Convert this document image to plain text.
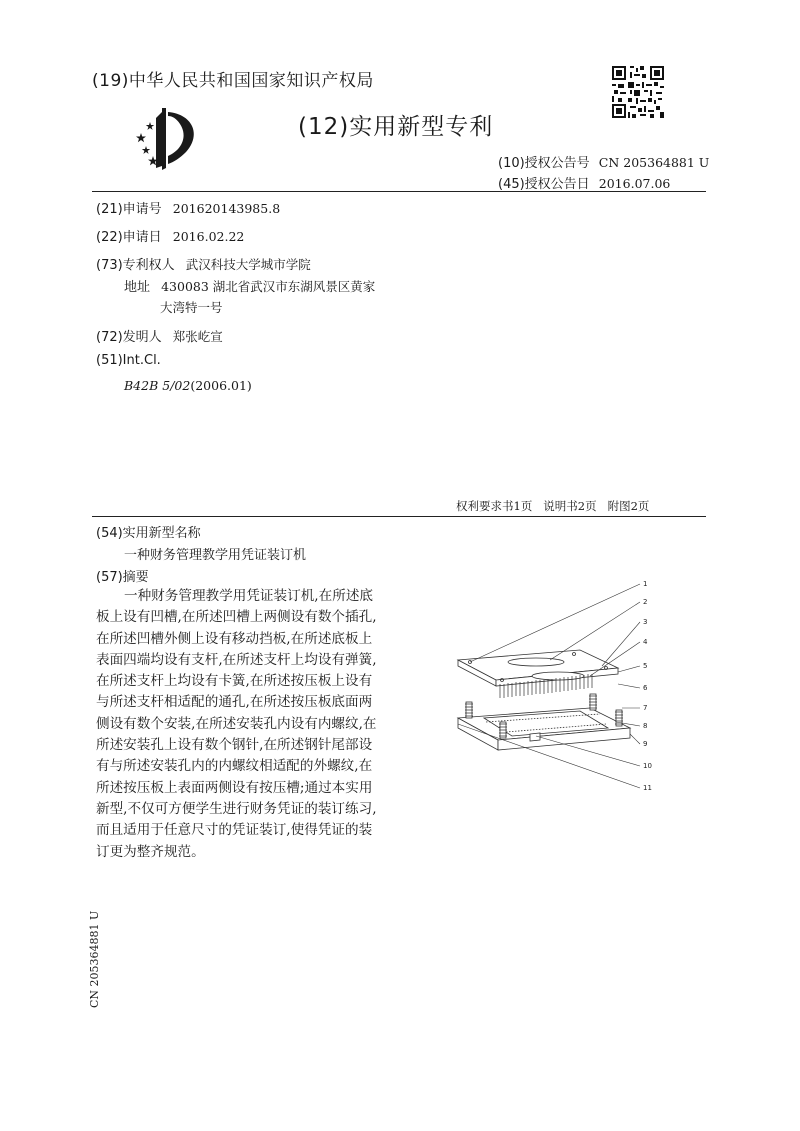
(19)中华人民共和国国家知识产权局
(12)实用新型专利
(10)授权公告号 CN 205364881 U
(45)授权公告日 2016.07.06
(21)申请号 201620143985.8
(22)申请日 2016.02.22
(73)专利权人 武汉科技大学城市学院
地址 430083 湖北省武汉市东湖风景区黄家
大湾特一号
(72)发明人 郑张屹宣
(51)Int.Cl.
B42B 5/02(2006.01)
权利要求书1页   说明书2页   附图2页
(54)实用新型名称
一种财务管理教学用凭证装订机
(57)摘要

一种财务管理教学用凭证装订机,在所述底

板上设有凹槽,在所述凹槽上两侧设有数个插孔,

在所述凹槽外侧上设有移动挡板,在所述底板上

表面四端均设有支杆,在所述支杆上均设有弹簧,

在所述支杆上均设有卡簧,在所述按压板上设有

与所述支杆相适配的通孔,在所述按压板底面两

侧设有数个安装,在所述安装孔内设有内螺纹,在

所述安装孔上设有数个钢针,在所述钢针尾部设

有与所述安装孔内的内螺纹相适配的外螺纹,在

所述按压板上表面两侧设有按压槽;通过本实用

新型,不仅可方便学生进行财务凭证的装订练习,

而且适用于任意尺寸的凭证装订,使得凭证的装

订更为整齐规范。

1
2
3
4
5
6
7
8
9
10
11
CN 205364881 U
